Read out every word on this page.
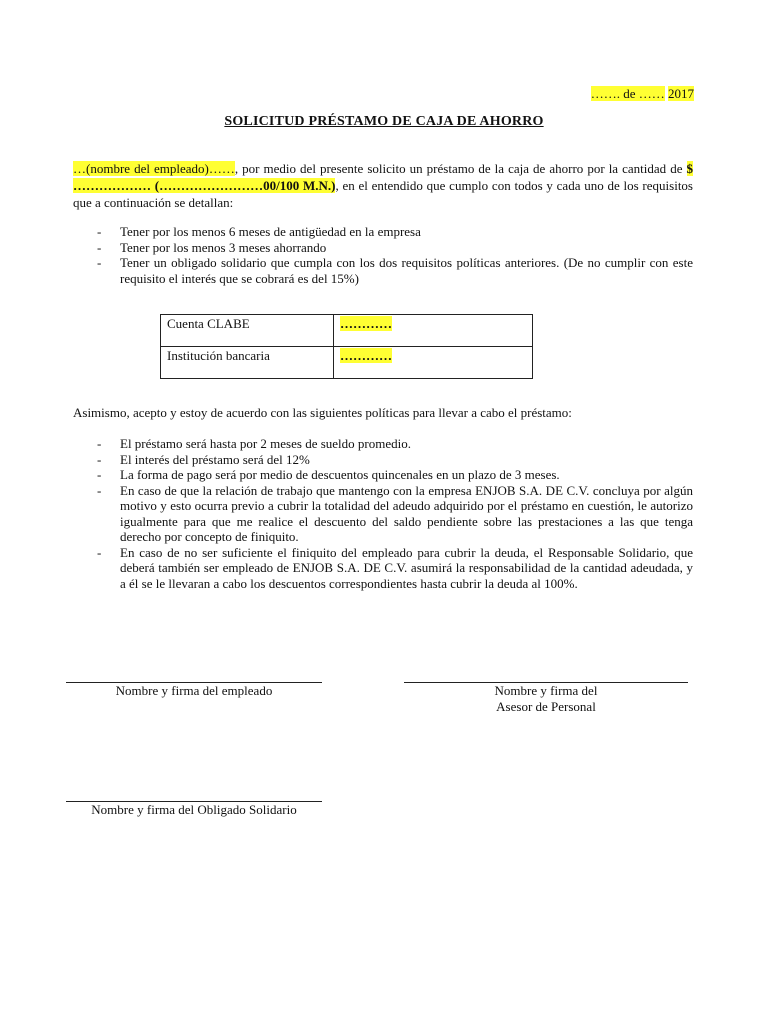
……. de …… 2017
SOLICITUD PRÉSTAMO DE CAJA DE AHORRO
…(nombre del empleado)……, por medio del presente solicito un préstamo de la caja de ahorro por la cantidad de $ ……………… (……………………00/100 M.N.), en el entendido que cumplo con todos y cada uno de los requisitos que a continuación se detallan:
- Tener por los menos 6 meses de antigüedad en la empresa
- Tener por los menos 3 meses ahorrando
- Tener un obligado solidario que cumpla con los dos requisitos políticas anteriores. (De no cumplir con este requisito el interés que se cobrará es del 15%)
Cuenta CLABE	…………
Institución bancaria	…………
Asimismo, acepto y estoy de acuerdo con las siguientes políticas para llevar a cabo el préstamo:
- El préstamo será hasta por 2 meses de sueldo promedio.
- El interés del préstamo será del 12%
- La forma de pago será por medio de descuentos quincenales en un plazo de 3 meses.
- En caso de que la relación de trabajo que mantengo con la empresa ENJOB S.A. DE C.V. concluya por algún motivo y esto ocurra previo a cubrir la totalidad del adeudo adquirido por el préstamo en cuestión, le autorizo igualmente para que me realice el descuento del saldo pendiente sobre las prestaciones a las que tenga derecho por concepto de finiquito.
- En caso de no ser suficiente el finiquito del empleado para cubrir la deuda, el Responsable Solidario, que deberá también ser empleado de ENJOB S.A. DE C.V. asumirá la responsabilidad de la cantidad adeudada, y a él se le llevaran a cabo los descuentos correspondientes hasta cubrir la deuda al 100%.
Nombre y firma del empleado	Nombre y firma del
Asesor de Personal
Nombre y firma del Obligado Solidario
